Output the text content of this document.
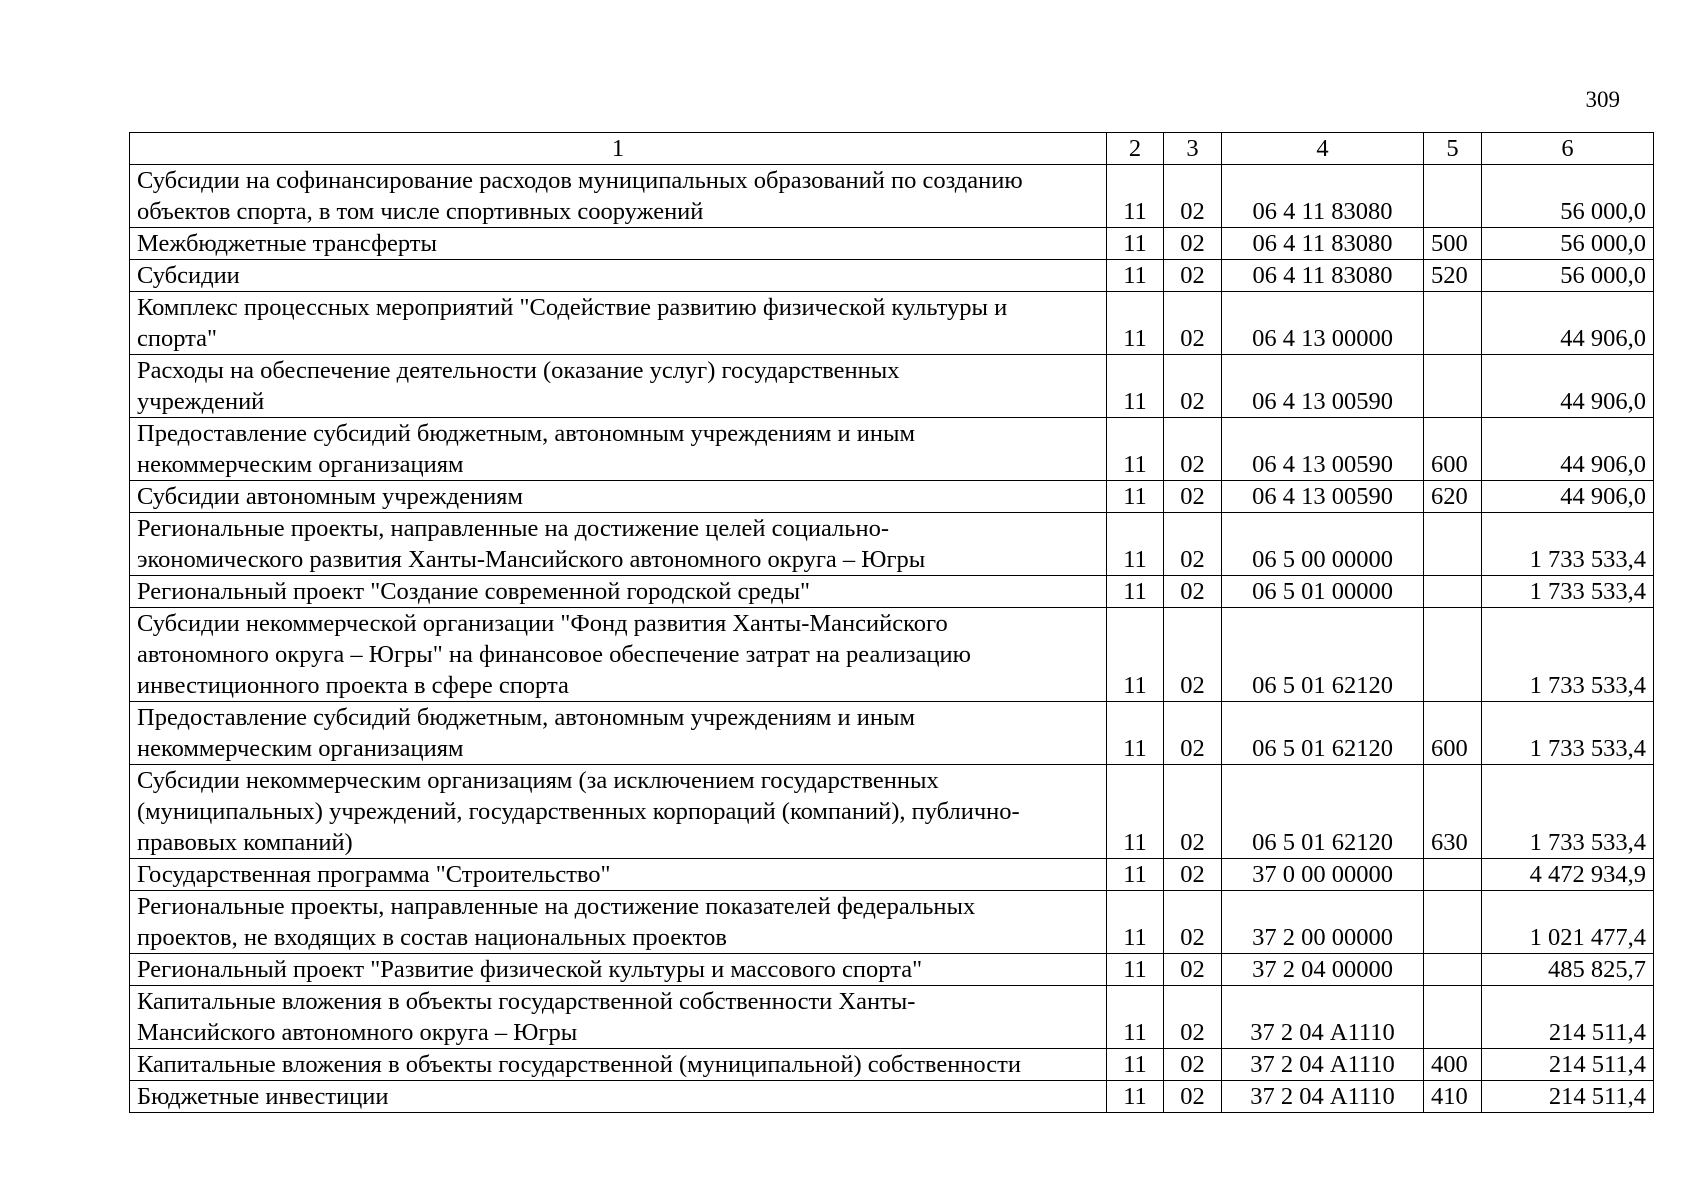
309
1	2	3	4	5	6

Субсидии на софинансирование расходов муниципальных образований по созданию
объектов спорта, в том числе спортивных сооружений	11	02	06 4 11 83080		56 000,0

Межбюджетные трансферты	11	02	06 4 11 83080	500	56 000,0

Субсидии	11	02	06 4 11 83080	520	56 000,0

Комплекс процессных мероприятий "Содействие развитию физической культуры и
спорта"	11	02	06 4 13 00000		44 906,0

Расходы на обеспечение деятельности (оказание услуг) государственных
учреждений	11	02	06 4 13 00590		44 906,0

Предоставление субсидий бюджетным, автономным учреждениям и иным
некоммерческим организациям	11	02	06 4 13 00590	600	44 906,0

Субсидии автономным учреждениям	11	02	06 4 13 00590	620	44 906,0

Региональные проекты, направленные на достижение целей социально-
экономического развития Ханты-Мансийского автономного округа – Югры	11	02	06 5 00 00000		1 733 533,4

Региональный проект "Создание современной городской среды"	11	02	06 5 01 00000		1 733 533,4

Субсидии некоммерческой организации "Фонд развития Ханты-Мансийского
автономного округа – Югры" на финансовое обеспечение затрат на реализацию
инвестиционного проекта в сфере спорта	11	02	06 5 01 62120		1 733 533,4

Предоставление субсидий бюджетным, автономным учреждениям и иным
некоммерческим организациям	11	02	06 5 01 62120	600	1 733 533,4

Субсидии некоммерческим организациям (за исключением государственных
(муниципальных) учреждений, государственных корпораций (компаний), публично-
правовых компаний)	11	02	06 5 01 62120	630	1 733 533,4

Государственная программа "Строительство"	11	02	37 0 00 00000		4 472 934,9

Региональные проекты, направленные на достижение показателей федеральных
проектов, не входящих в состав национальных проектов	11	02	37 2 00 00000		1 021 477,4

Региональный проект "Развитие физической культуры и массового спорта"	11	02	37 2 04 00000		485 825,7

Капитальные вложения в объекты государственной собственности Ханты-
Мансийского автономного округа – Югры	11	02	37 2 04 А1110		214 511,4

Капитальные вложения в объекты государственной (муниципальной) собственности	11	02	37 2 04 А1110	400	214 511,4

Бюджетные инвестиции	11	02	37 2 04 А1110	410	214 511,4
